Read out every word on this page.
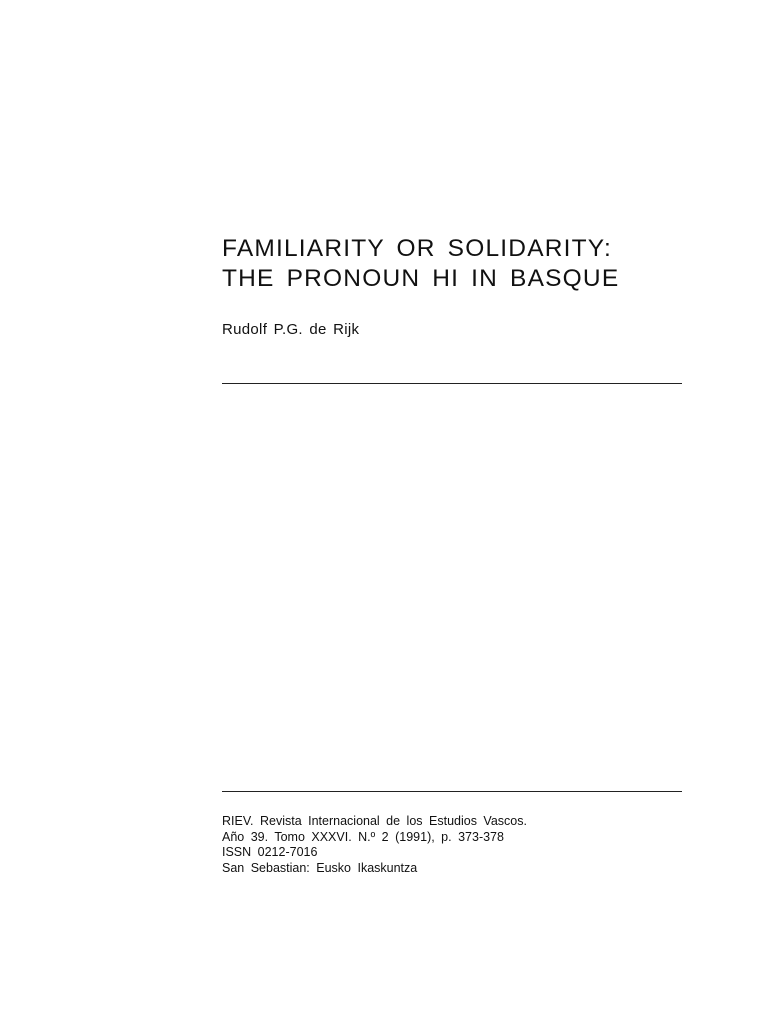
FAMILIARITY OR SOLIDARITY:
THE PRONOUN HI IN BASQUE

Rudolf P.G. de Rijk

RIEV. Revista Internacional de los Estudios Vascos.
Año 39. Tomo XXXVI. N.º 2 (1991), p. 373-378
ISSN 0212-7016
San Sebastian: Eusko Ikaskuntza
